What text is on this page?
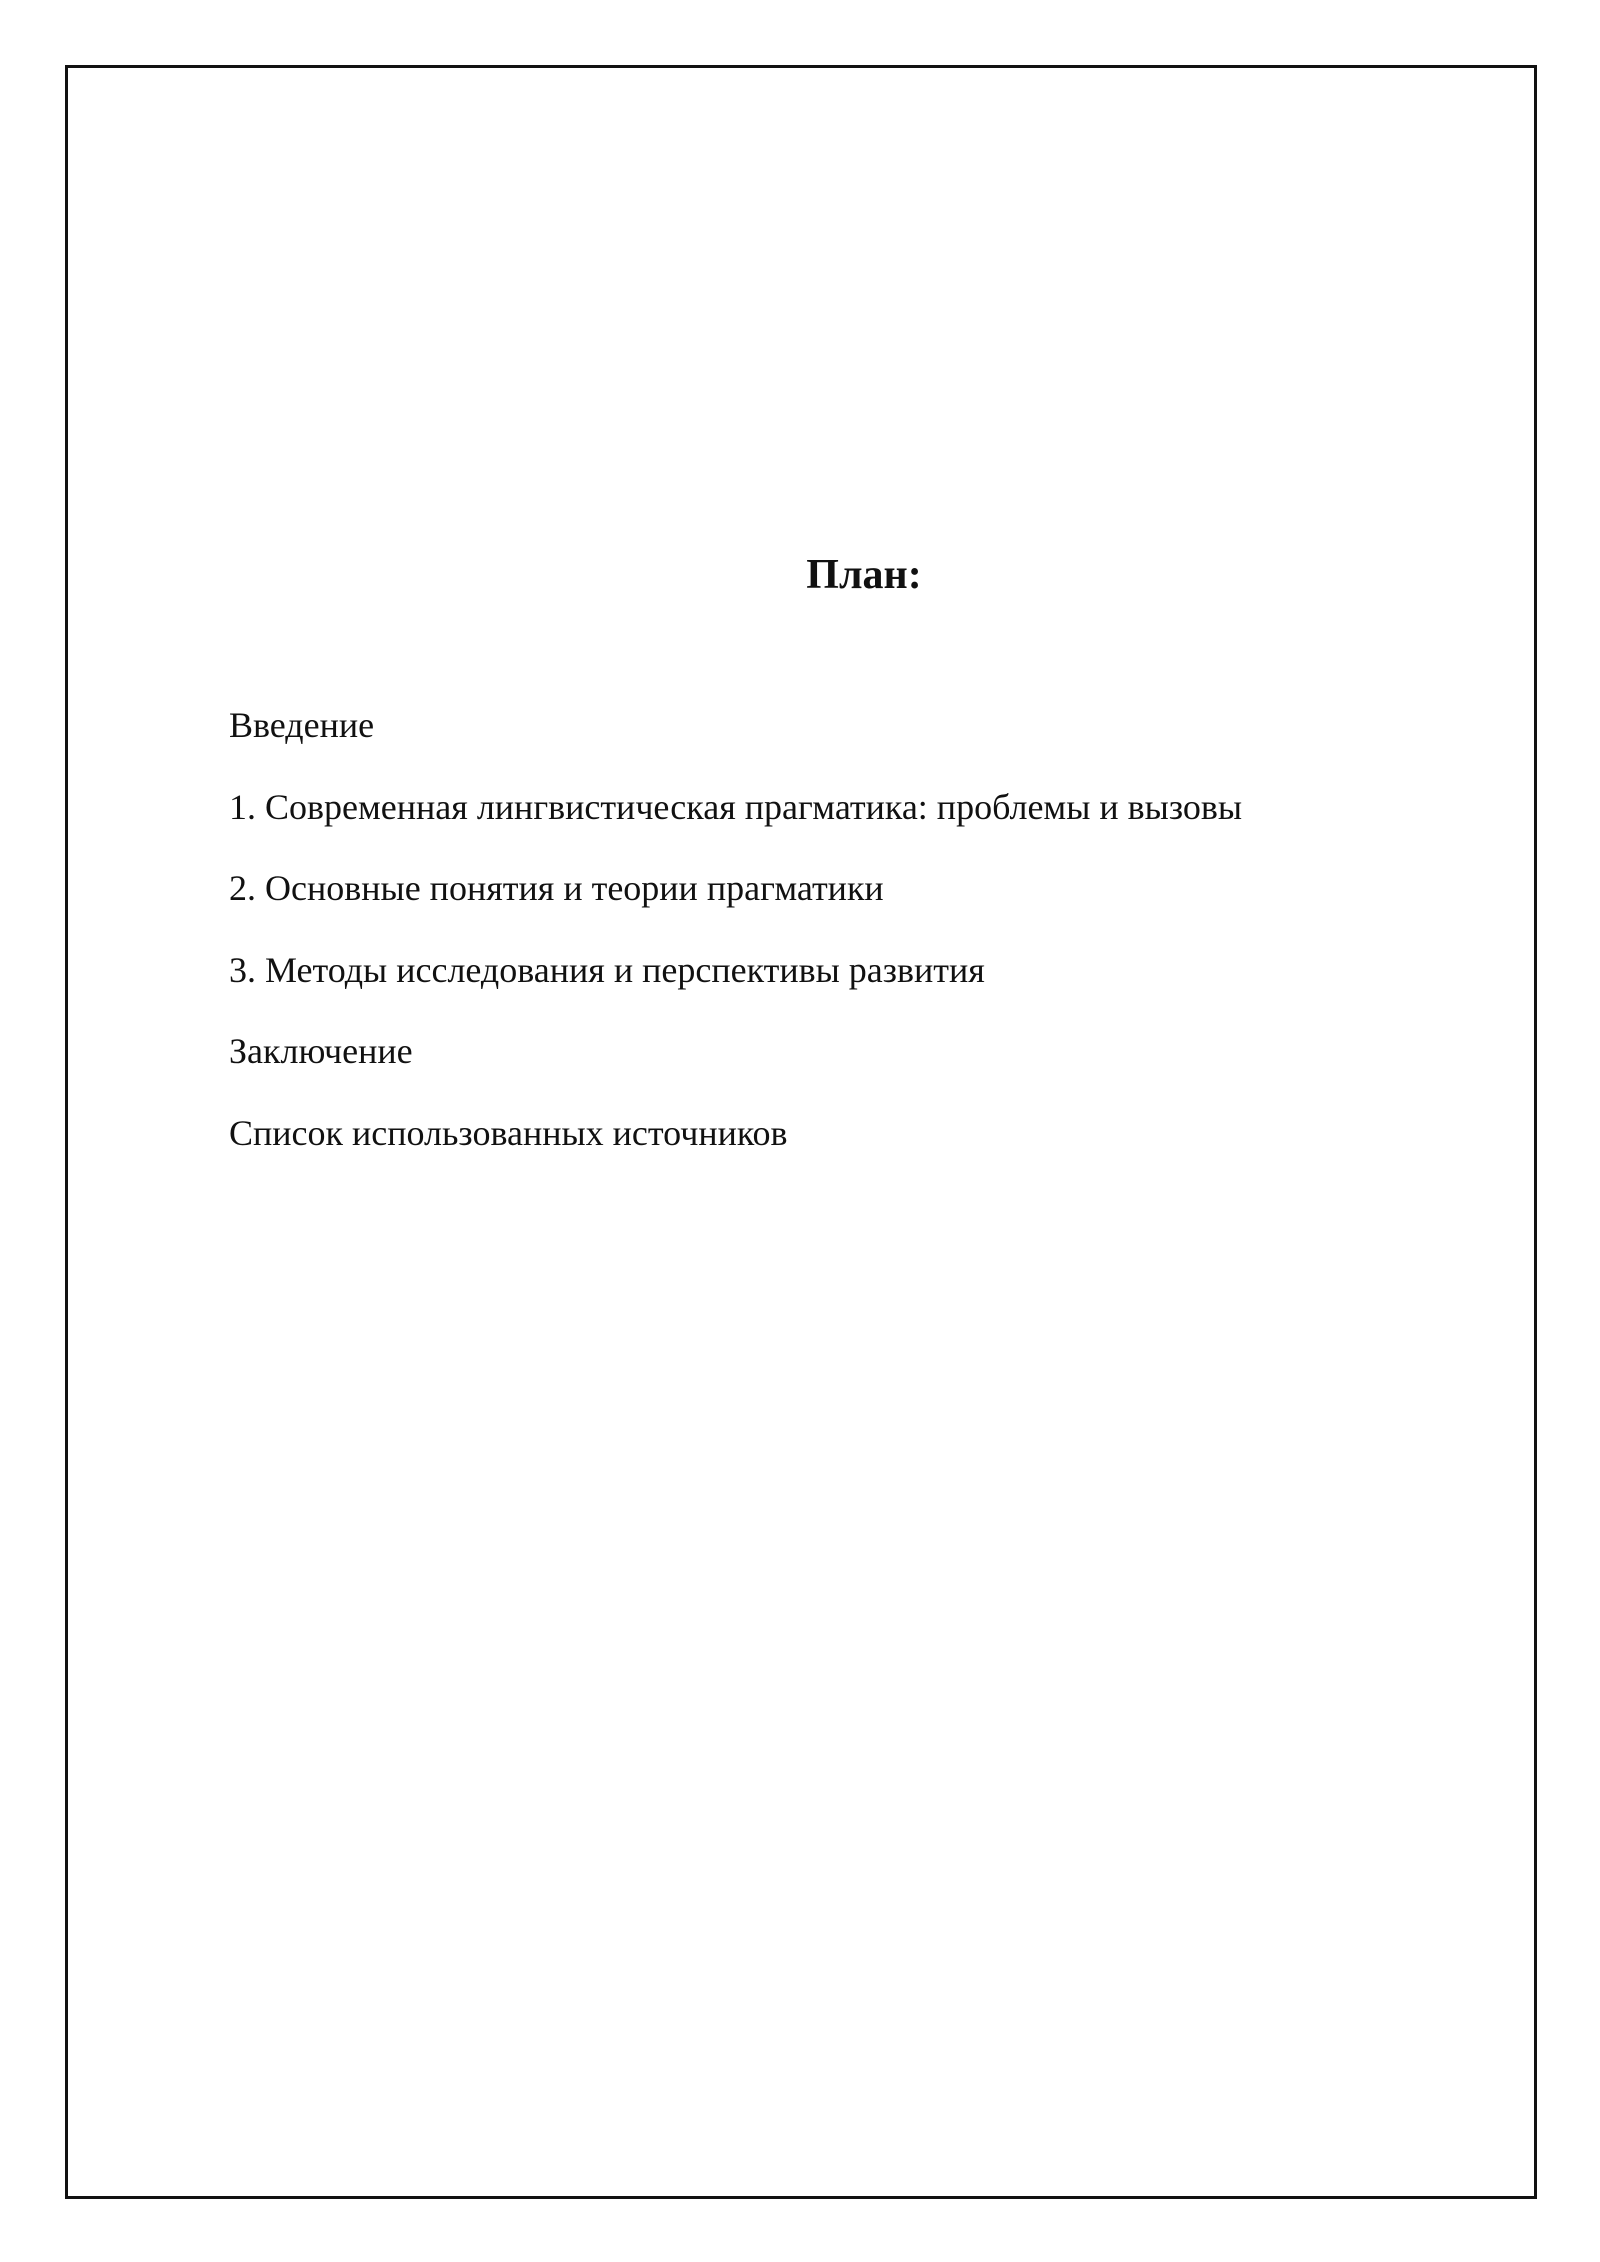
План:
Введение
1. Современная лингвистическая прагматика: проблемы и вызовы
2. Основные понятия и теории прагматики
3. Методы исследования и перспективы развития
Заключение
Список использованных источников
